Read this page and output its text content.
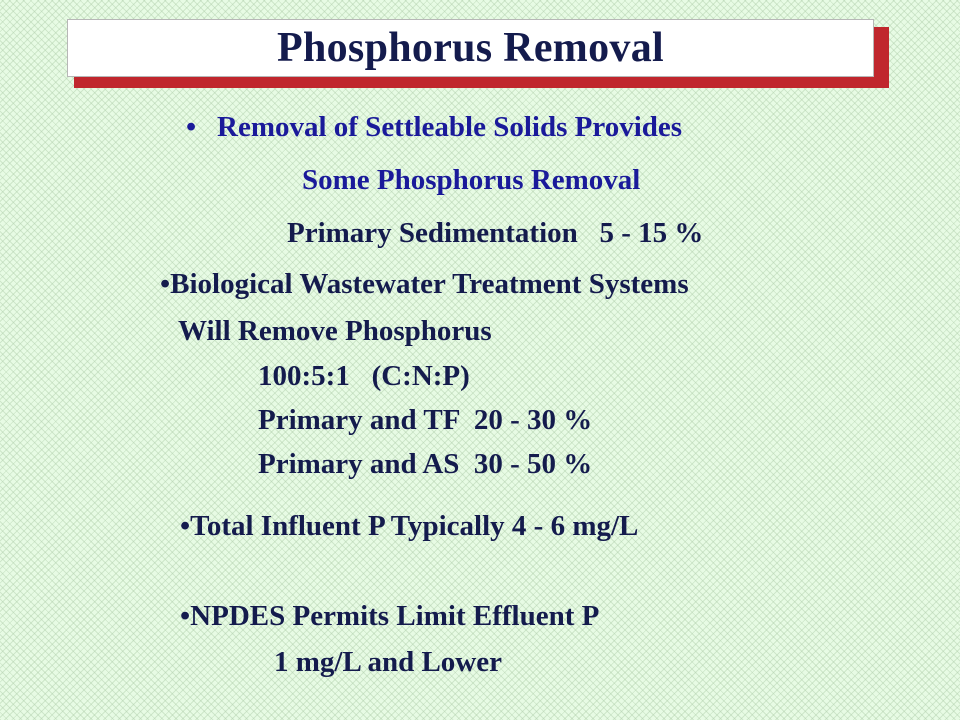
Phosphorus Removal
• Removal of Settleable Solids Provides
Some Phosphorus Removal
Primary Sedimentation   5 - 15 %
•Biological Wastewater Treatment Systems
Will Remove Phosphorus
100:5:1   (C:N:P)
Primary and TF  20 - 30 %
Primary and AS  30 - 50 %
•Total Influent P Typically 4 - 6 mg/L
•NPDES Permits Limit Effluent P
1 mg/L and Lower
